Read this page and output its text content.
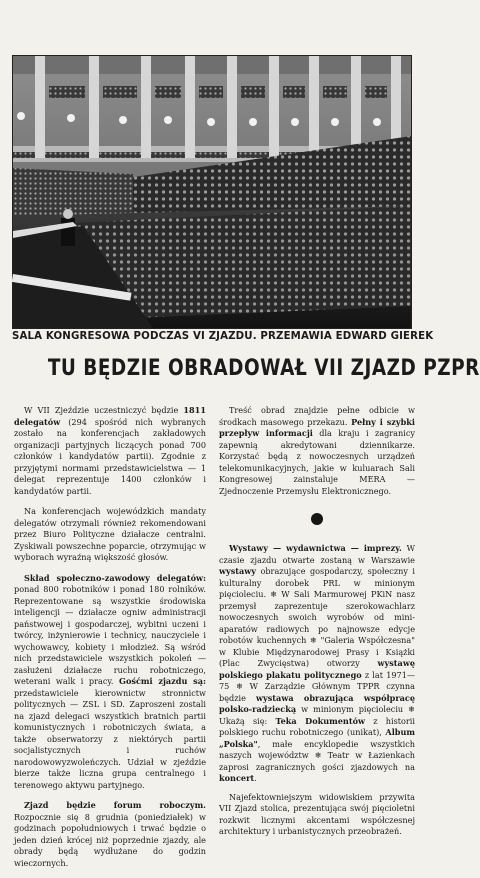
SALA KONGRESOWA PODCZAS VI ZJAZDU. PRZEMAWIA EDWARD GIEREK
TU BĘDZIE OBRADOWAŁ VII ZJAZD PZPR

W VII Zjeździe uczestniczyć będzie 1811 delegatów (294 spośród nich wybranych zostało na konferencjach zakładowych organizacji partyjnych liczących ponad 700 członków i kandydatów partii). Zgodnie z przyjętymi normami przedstawicielstwa — 1 delegat reprezentuje 1400 członków i kandydatów partii.

Na konferencjach wojewódzkich mandaty delegatów otrzymali również rekomendowani przez Biuro Polityczne działacze centralni. Zyskiwali powszechne poparcie, otrzymując w wyborach wyraźną większość głosów.

Skład społeczno-zawodowy delegatów: ponad 800 robotników i ponad 180 rolników. Reprezentowane są wszystkie środowiska inteligencji — działacze ogniw administracji państwowej i gospodarczej, wybitni uczeni i twórcy, inżynierowie i technicy, nauczyciele i wychowawcy, kobiety i młodzież. Są wśród nich przedstawiciele wszystkich pokoleń — zasłużeni działacze ruchu robotniczego, weterani walk i pracy. Gośćmi zjazdu są: przedstawiciele kierownictw stronnictw politycznych — ZSL i SD. Zaproszeni zostali na zjazd delegaci wszystkich bratnich partii komunistycznych i robotniczych świata, a także obserwatorzy z niektórych partii socjalistycznych i ruchów narodowowyzwoleńczych. Udział w zjeździe bierze także liczna grupa centralnego i terenowego aktywu partyjnego.

Zjazd będzie forum roboczym. Rozpocznie się 8 grudnia (poniedziałek) w godzinach popołudniowych i trwać będzie o jeden dzień krócej niż poprzednie zjazdy, ale obrady będą wydłużane do godzin wieczornych.

Treść obrad znajdzie pełne odbicie w środkach masowego przekazu. Pełny i szybki przepływ informacji dla kraju i zagranicy zapewnią akredytowani dziennikarze. Korzystać będą z nowoczesnych urządzeń telekomunikacyjnych, jakie w kuluarach Sali Kongresowej zainstaluje MERA — Zjednoczenie Przemysłu Elektronicznego.

Wystawy — wydawnictwa — imprezy. W czasie zjazdu otwarte zostaną w Warszawie wystawy obrazujące gospodarczy, społeczny i kulturalny dorobek PRL w minionym pięcioleciu. ❄ W Sali Marmurowej PKiN nasz przemysł zaprezentuje szerokowachlarz nowoczesnych swoich wyrobów od mini-aparatów radiowych po najnowsze edycje robotów kuchennych ❄ "Galeria Współczesna" w Klubie Międzynarodowej Prasy i Książki (Plac Zwycięstwa) otworzy wystawę polskiego plakatu politycznego z lat 1971—75 ❄ W Zarządzie Głównym TPPR czynna będzie wystawa obrazująca współpracę polsko-radziecką w minionym pięcioleciu ❄ Ukażą się: Teka Dokumentów z historii polskiego ruchu robotniczego (unikat), Album „Polska", małe encyklopedie wszystkich naszych województw ❄ Teatr w Łazienkach zaprosi zagranicznych gości zjazdowych na koncert.

Najefektowniejszym widowiskiem przywita VII Zjazd stolica, prezentująca swój pięcioletni rozkwit licznymi akcentami współczesnej architektury i urbanistycznych przeobrażeń.
